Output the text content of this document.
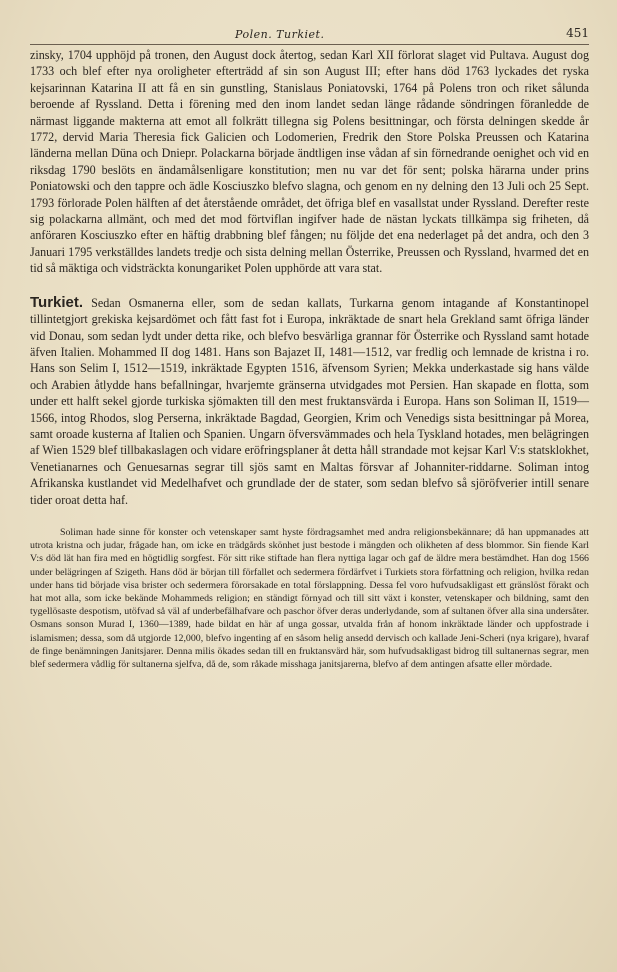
Polen. Turkiet.	451

zinsky, 1704 upphöjd på tronen, den August dock återtog, sedan Karl XII förlorat slaget vid Pultava. August dog 1733 och blef efter nya oroligheter efterträdd af sin son August III; efter hans död 1763 lyckades det ryska kejsarinnan Katarina II att få en sin gunstling, Stanislaus Poniatovski, 1764 på Polens tron och riket sålunda beroende af Ryssland. Detta i förening med den inom landet sedan länge rådande söndringen föranledde de närmast liggande makterna att emot all folkrätt tillegna sig Polens besittningar, och första delningen skedde år 1772, dervid Maria Theresia fick Galicien och Lodomerien, Fredrik den Store Polska Preussen och Katarina länderna mellan Düna och Dniepr. Polackarna började ändtligen inse vådan af sin förnedrande oenighet och vid en riksdag 1790 beslöts en ändamålsenligare konstitution; men nu var det för sent; polska härarna under prins Poniatowski och den tappre och ädle Kosciuszko blefvo slagna, och genom en ny delning den 13 Juli och 25 Sept. 1793 förlorade Polen hälften af det återstående området, det öfriga blef en vasallstat under Ryssland. Derefter reste sig polackarna allmänt, och med det mod förtviflan ingifver hade de nästan lyckats tillkämpa sig friheten, då anföraren Kosciuszko efter en häftig drabbning blef fången; nu följde det ena nederlaget på det andra, och den 3 Januari 1795 verkställdes landets tredje och sista delning mellan Österrike, Preussen och Ryssland, hvarmed det en tid så mäktiga och vidsträckta konungariket Polen upphörde att vara stat.

Turkiet. Sedan Osmanerna eller, som de sedan kallats, Turkarna genom intagande af Konstantinopel tillintetgjort grekiska kejsardömet och fått fast fot i Europa, inkräktade de snart hela Grekland samt öfriga länder vid Donau, som sedan lydt under detta rike, och blefvo besvärliga grannar för Österrike och Ryssland samt hotade äfven Italien. Mohammed II dog 1481. Hans son Bajazet II, 1481—1512, var fredlig och lemnade de kristna i ro. Hans son Selim I, 1512—1519, inkräktade Egypten 1516, äfvensom Syrien; Mekka underkastade sig hans välde och Arabien åtlydde hans befallningar, hvarjemte gränserna utvidgades mot Persien. Han skapade en flotta, som under ett halft sekel gjorde turkiska sjömakten till den mest fruktansvärda i Europa. Hans son Soliman II, 1519—1566, intog Rhodos, slog Perserna, inkräktade Bagdad, Georgien, Krim och Venedigs sista besittningar på Morea, samt oroade kusterna af Italien och Spanien. Ungarn öfversvämmades och hela Tyskland hotades, men belägringen af Wien 1529 blef tillbakaslagen och vidare eröfringsplaner åt detta håll strandade mot kejsar Karl V:s statsklokhet, Venetianarnes och Genuesarnas segrar till sjös samt en Maltas försvar af Johanniter-riddarne. Soliman intog Afrikanska kustlandet vid Medelhafvet och grundlade der de stater, som sedan blefvo så sjöröfverier intill senare tider oroat detta haf.

Soliman hade sinne för konster och vetenskaper samt hyste fördragsamhet med andra religionsbekännare; då han uppmanades att utrota kristna och judar, frågade han, om icke en trädgårds skönhet just bestode i mängden och olikheten af dess blommor. Sin fiende Karl V:s död lät han fira med en högtidlig sorgfest. För sitt rike stiftade han flera nyttiga lagar och gaf de äldre mera bestämdhet. Han dog 1566 under belägringen af Szigeth. Hans död är början till förfallet och sedermera fördärfvet i Turkiets stora författning och religion, hvilka redan under hans tid började visa brister och sedermera förorsakade en total förslappning. Dessa fel voro hufvudsakligast ett gränslöst förakt och hat mot alla, som icke bekände Mohammeds religion; en ständigt förnyad och till sitt växt i konster, vetenskaper och bildning, samt den tygellösaste despotism, utöfvad så väl af underbefälhafvare och paschor öfver deras underlydande, som af sultanen öfver alla sina undersåter. Osmans sonson Murad I, 1360—1389, hade bildat en här af unga gossar, utvalda från af honom inkräktade länder och uppfostrade i islamismen; dessa, som då utgjorde 12,000, blefvo ingenting af en såsom helig ansedd dervisch och kallade Jeni-Scheri (nya krigare), hvaraf de finge benämningen Janitsjarer. Denna milis ökades sedan till en fruktansvärd här, som hufvudsakligast bidrog till sultanernas segrar, men blef sedermera vådlig för sultanerna sjelfva, då de, som råkade misshaga janitsjarerna, blefvo af dem antingen afsatte eller mördade.
